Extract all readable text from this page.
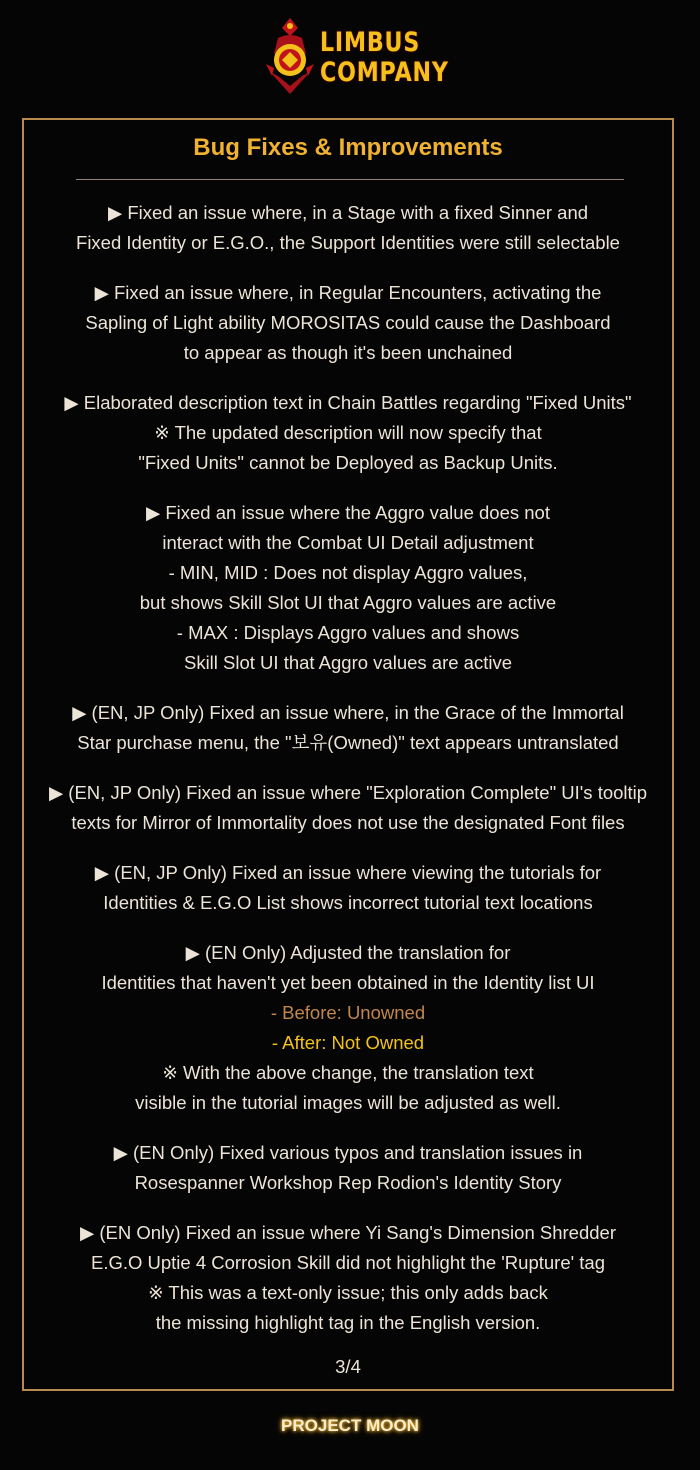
LIMBUS
COMPANY
Bug Fixes & Improvements
▶ Fixed an issue where, in a Stage with a fixed Sinner and
Fixed Identity or E.G.O., the Support Identities were still selectable
▶ Fixed an issue where, in Regular Encounters, activating the
Sapling of Light ability MOROSITAS could cause the Dashboard
to appear as though it's been unchained
▶ Elaborated description text in Chain Battles regarding "Fixed Units"
※ The updated description will now specify that
"Fixed Units" cannot be Deployed as Backup Units.
▶ Fixed an issue where the Aggro value does not
interact with the Combat UI Detail adjustment
- MIN, MID : Does not display Aggro values,
but shows Skill Slot UI that Aggro values are active
- MAX : Displays Aggro values and shows
Skill Slot UI that Aggro values are active
▶ (EN, JP Only) Fixed an issue where, in the Grace of the Immortal
Star purchase menu, the "보유(Owned)" text appears untranslated
▶ (EN, JP Only) Fixed an issue where "Exploration Complete" UI's tooltip
texts for Mirror of Immortality does not use the designated Font files
▶ (EN, JP Only) Fixed an issue where viewing the tutorials for
Identities & E.G.O List shows incorrect tutorial text locations
▶ (EN Only) Adjusted the translation for
Identities that haven't yet been obtained in the Identity list UI
- Before: Unowned
- After: Not Owned
※ With the above change, the translation text
visible in the tutorial images will be adjusted as well.
▶ (EN Only) Fixed various typos and translation issues in
Rosespanner Workshop Rep Rodion's Identity Story
▶ (EN Only) Fixed an issue where Yi Sang's Dimension Shredder
E.G.O Uptie 4 Corrosion Skill did not highlight the 'Rupture' tag
※ This was a text-only issue; this only adds back
the missing highlight tag in the English version.
3/4
PROJECT MOON
